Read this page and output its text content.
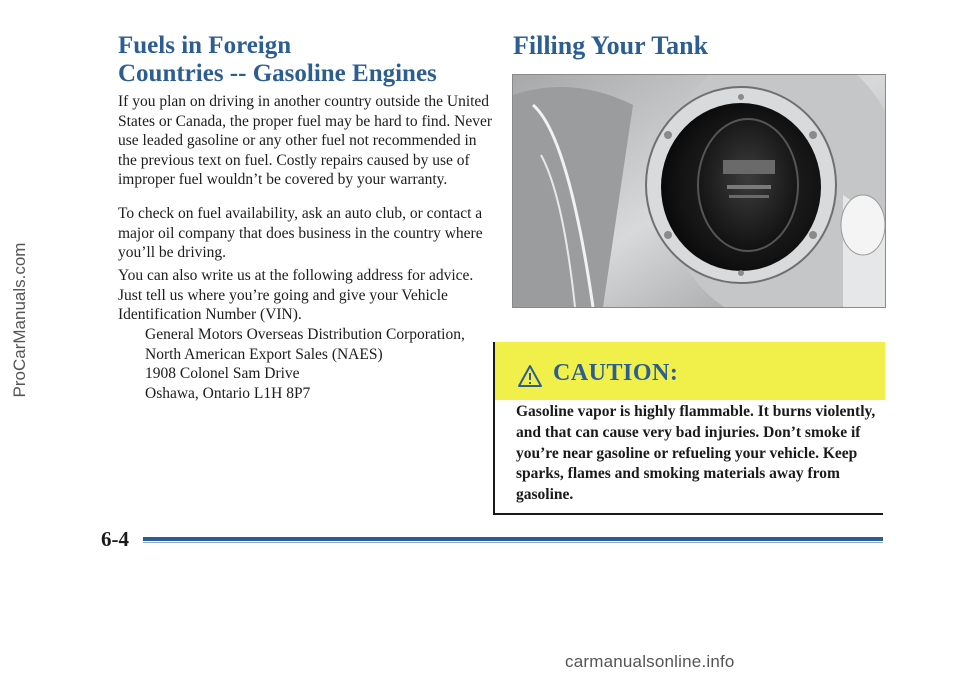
ProCarManuals.com
Fuels in Foreign
Countries -- Gasoline Engines

If you plan on driving in another country outside the United States or Canada, the proper fuel may be hard to find. Never use leaded gasoline or any other fuel not recommended in the previous text on fuel. Costly repairs caused by use of improper fuel wouldn’t be covered by your warranty.

To check on fuel availability, ask an auto club, or contact a major oil company that does business in the country where you’ll be driving.

You can also write us at the following address for advice. Just tell us where you’re going and give your Vehicle Identification Number (VIN).

General Motors Overseas Distribution Corporation,
North American Export Sales (NAES)
1908 Colonel Sam Drive
Oshawa, Ontario L1H 8P7
Filling Your Tank

CAUTION:

Gasoline vapor is highly flammable. It burns violently, and that can cause very bad injuries. Don’t smoke if you’re near gasoline or refueling your vehicle. Keep sparks, flames and smoking materials away from gasoline.

6-4

carmanualsonline.info
